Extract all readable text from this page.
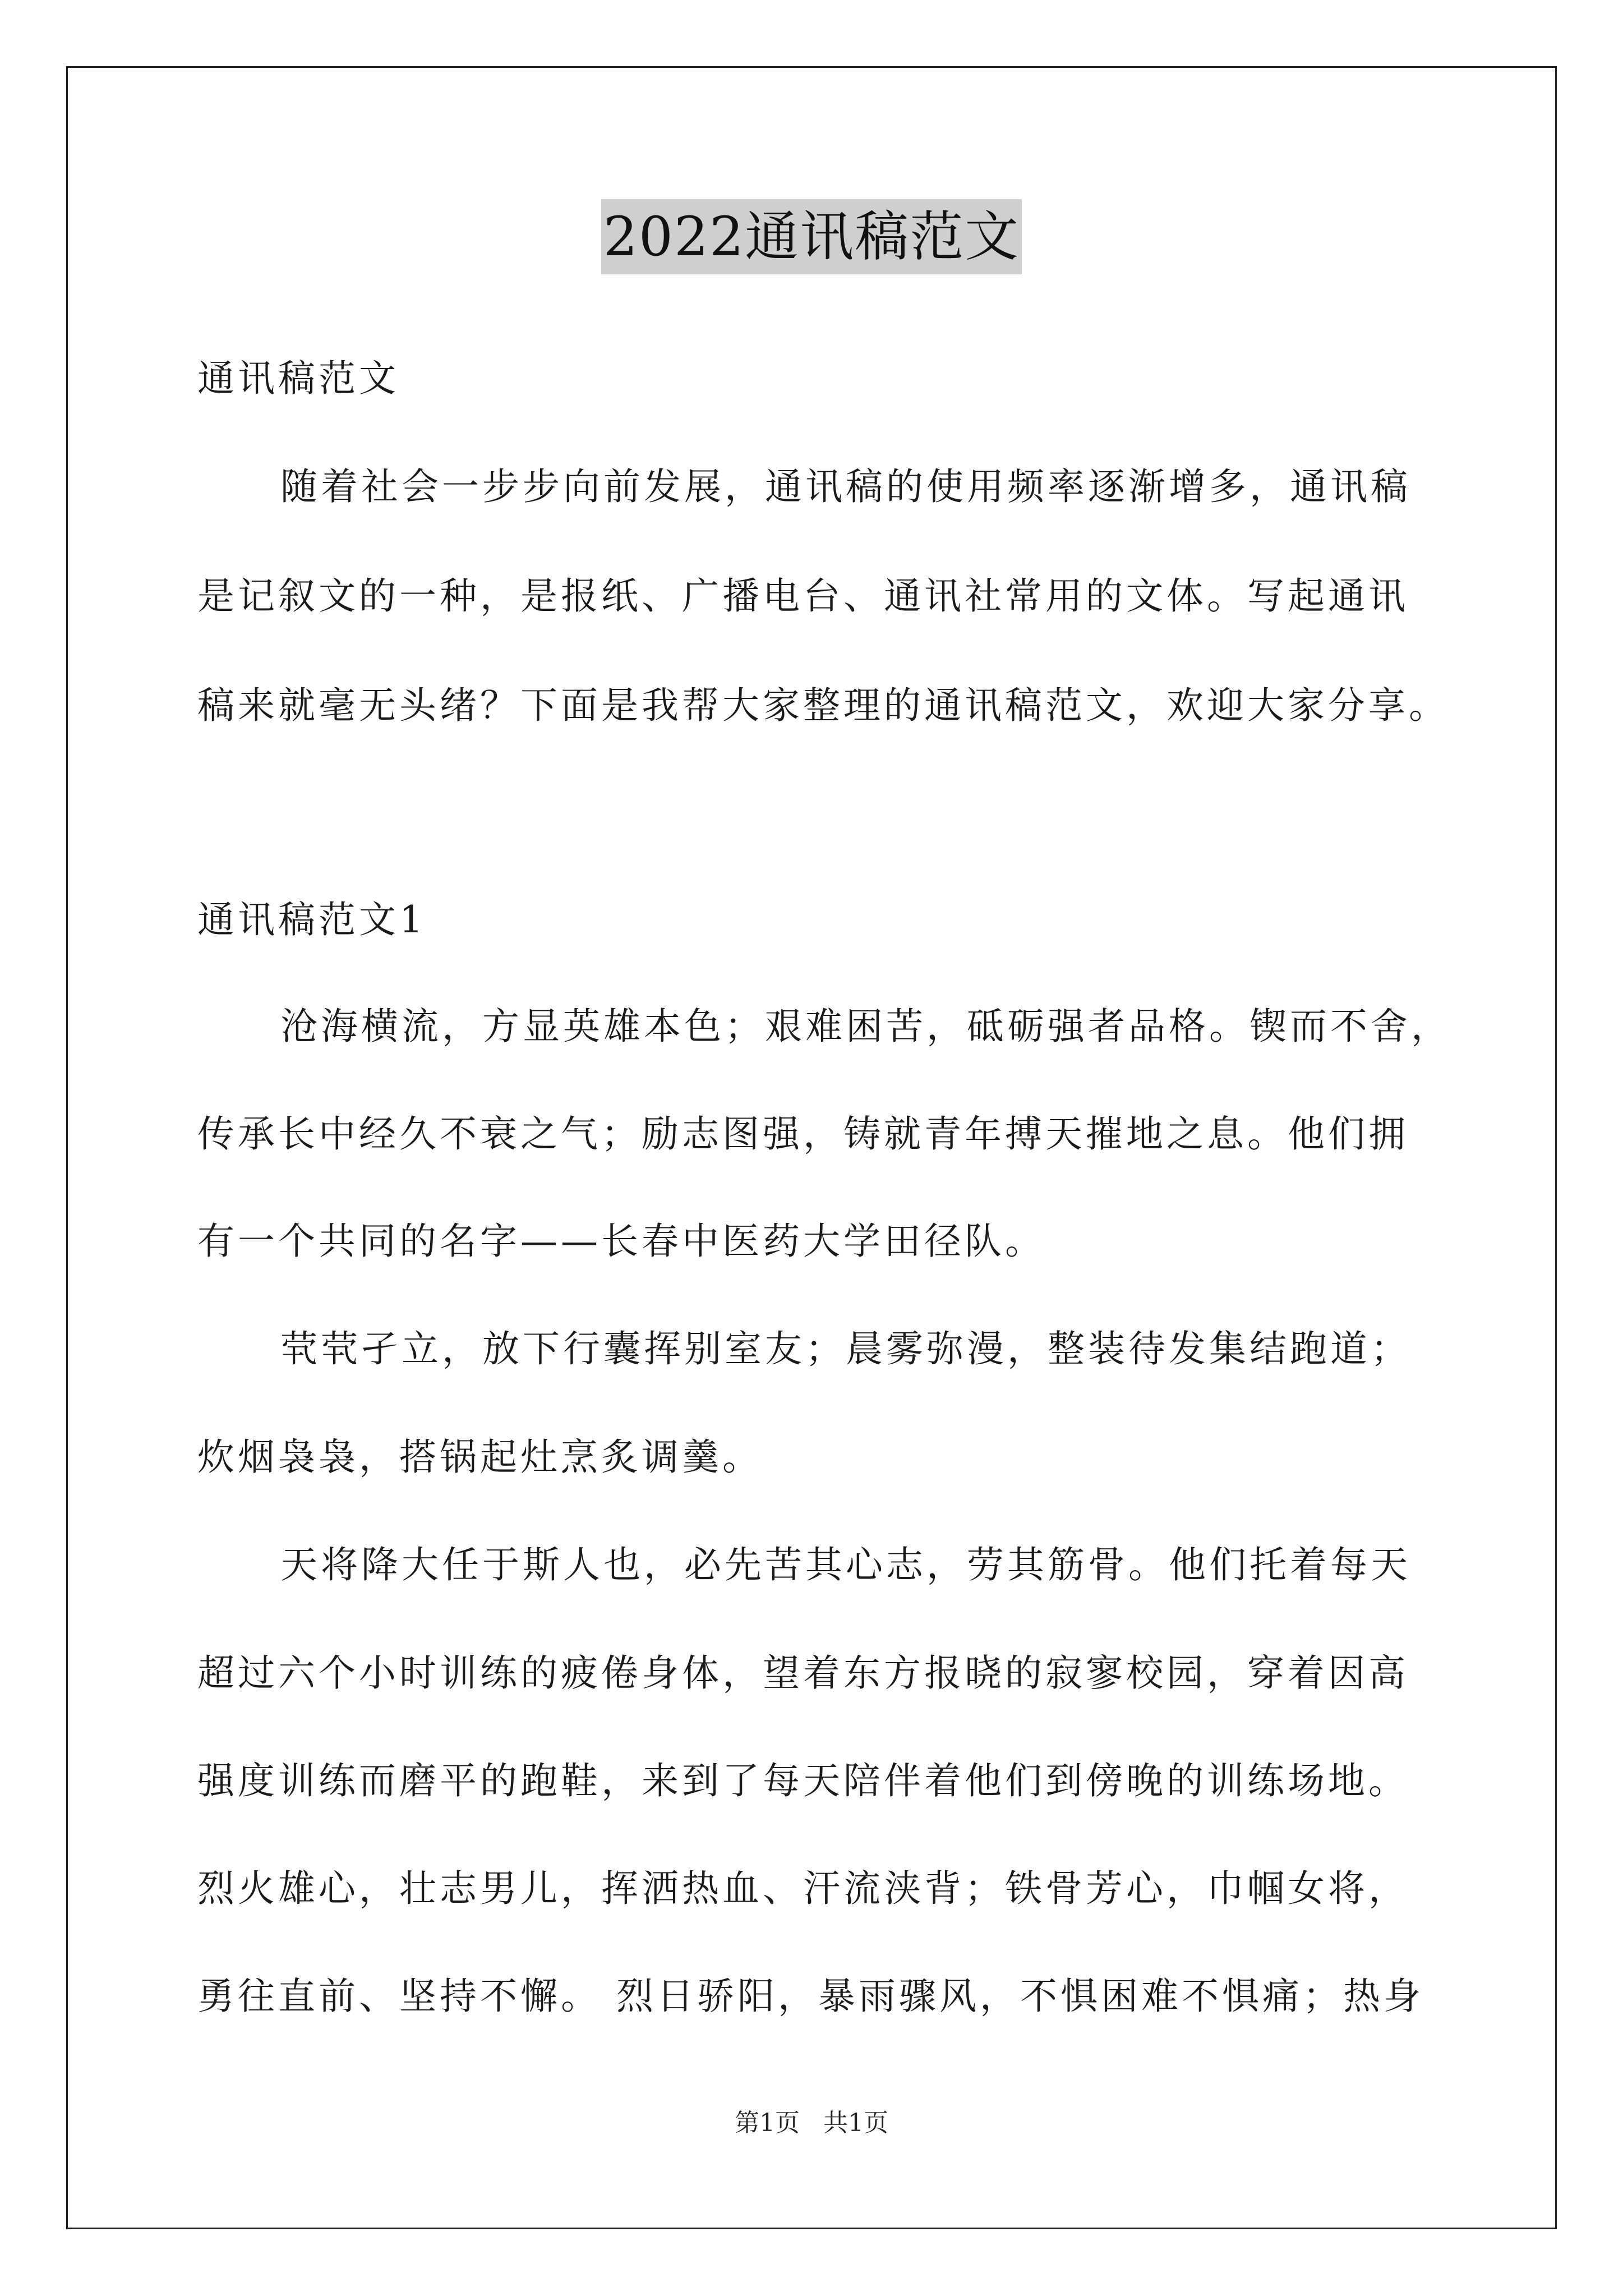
2022通讯稿范文
通讯稿范文
随着社会一步步向前发展，通讯稿的使用频率逐渐增多，通讯稿
是记叙文的一种，是报纸、广播电台、通讯社常用的文体。写起通讯
稿来就毫无头绪？下面是我帮大家整理的通讯稿范文，欢迎大家分享。
通讯稿范文1
沧海横流，方显英雄本色；艰难困苦，砥砺强者品格。锲而不舍，
传承长中经久不衰之气；励志图强，铸就青年搏天摧地之息。他们拥
有一个共同的名字——长春中医药大学田径队。
茕茕孑立，放下行囊挥别室友；晨雾弥漫，整装待发集结跑道；
炊烟袅袅，搭锅起灶烹炙调羹。
天将降大任于斯人也，必先苦其心志，劳其筋骨。他们托着每天
超过六个小时训练的疲倦身体，望着东方报晓的寂寥校园，穿着因高
强度训练而磨平的跑鞋，来到了每天陪伴着他们到傍晚的训练场地。
烈火雄心，壮志男儿，挥洒热血、汗流浃背；铁骨芳心，巾帼女将，
勇往直前、坚持不懈。 烈日骄阳，暴雨骤风，不惧困难不惧痛；热身
第1页 共1页
